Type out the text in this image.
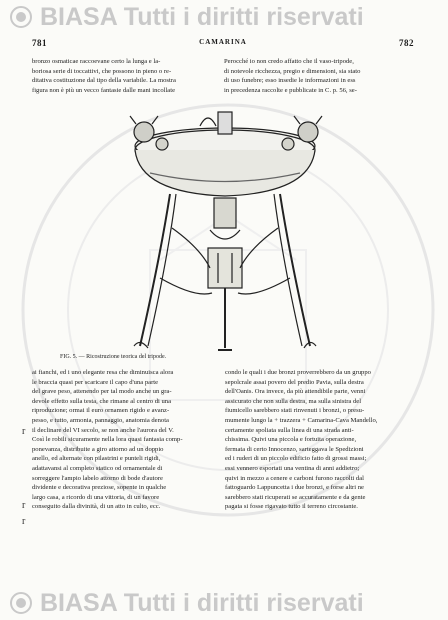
BIASA Tutti i diritti riservati
781	CAMARINA	782

bronzo osmaticae raccoevane certo la lunga e la-

boriosa serie di toccattivi, che possono in pieno o re-

ditativa costituzione dal tipo della variabile. La mostra

figura non è più un vecco fantasie dalle mani incollate

Perocché io non credo affatto che il vaso-tripode,

di notevole ricchezza, pregio e dimensioni, sia stato

di uso funebre; esso insedie le informazioni in ess

in precedenza raccolte e pubblicate in C. p. 56, se-

FIG. 5. — Ricostruzione teorica del tripode.

ai fianchi, ed i uno elegante resa che diminuisca alora

le braccia quasi per scaricare il capo d'una parte

del grave peso, attenendo per tal modo anche un gra-

devole effetto sulla testa, che rimane al centro di una

riproduzione; ormai il euro ornamen rigido e avanz-

pesso, e tutto, armonia, pannaggio, anatomia denota

il declinare del VI secolo, se non anche l'aurora del V.

Così le robili sicuramente nella lora quasi fantasia comp-

ponevanza, distribuite a giro attorno ad un doppio

anello, ed alternate con pilastrini e punteli rigidi,

adattavansi al completo statico od ornamentale di

sorreggere l'ampio labelo attorno di bode d'autore

dividente e decorativa preziose, sopente in qualche

largo casa, a ricordo di una vittoria, di un favore

conseguito dalla divinità, di un atto in culto, ecc.

condo le quali i due bronzi proverrebbero da un gruppo

sepolcrale assai povero del predio Pavia, sulla destra

dell'Oanis. Ora invece, da più attendibile parte, venni

assicurato che non sulla destra, ma sulla sinistra del

fiumicello sarebbero stati rinvenuti i bronzi, o presu-

mumente lungo la + trazzera + Camarina-Cava Mandello,

certamente spoliata sulla linea di una strada anti-

chissima. Quivi una piccola e fortuita operazione,

fermata di certo Innocenzo, sarteggava le Spedizioni

ed i ruderi di un piccolo edificio fatto di grossi massi;

essi vennero esportati una ventina di anni addietro;

quivi in mezzo a cenere e carboni furono raccolti dal

fattoguardo Lappuncetta i due bronzi, e forse altri ne

sarebbero stati ricuperati se accuratamente e da gente

pagata si fosse rigavato tutto il terreno circostante.

r
r
r
BIASA Tutti i diritti riservati
